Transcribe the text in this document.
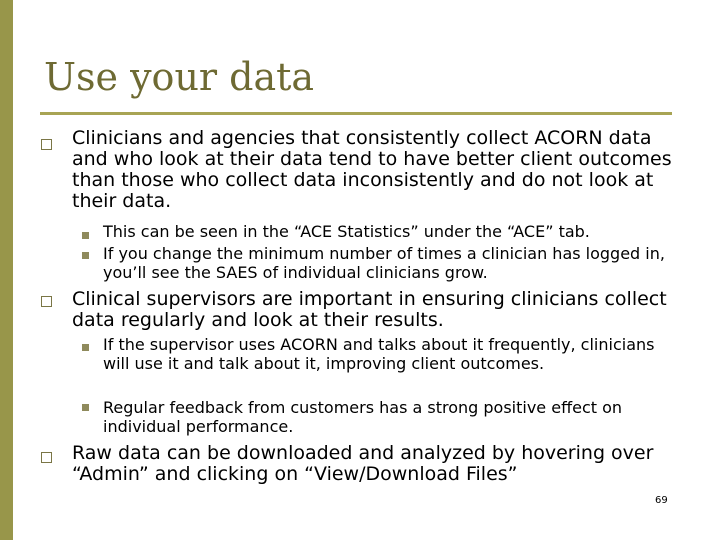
Use your data
Clinicians and agencies that consistently collect ACORN data and who look at their data tend to have better client outcomes than those who collect data inconsistently and do not look at their data.
This can be seen in the “ACE Statistics” under the “ACE” tab.
If you change the minimum number of times a clinician has logged in, you’ll see the SAES of individual clinicians grow.
Clinical supervisors are important in ensuring clinicians collect data regularly and look at their results.
If the supervisor uses ACORN and talks about it frequently, clinicians will use it and talk about it, improving client outcomes.
Regular feedback from customers has a strong positive effect on individual performance.
Raw data can be downloaded and analyzed by hovering over “Admin” and clicking on “View/Download Files”
69
